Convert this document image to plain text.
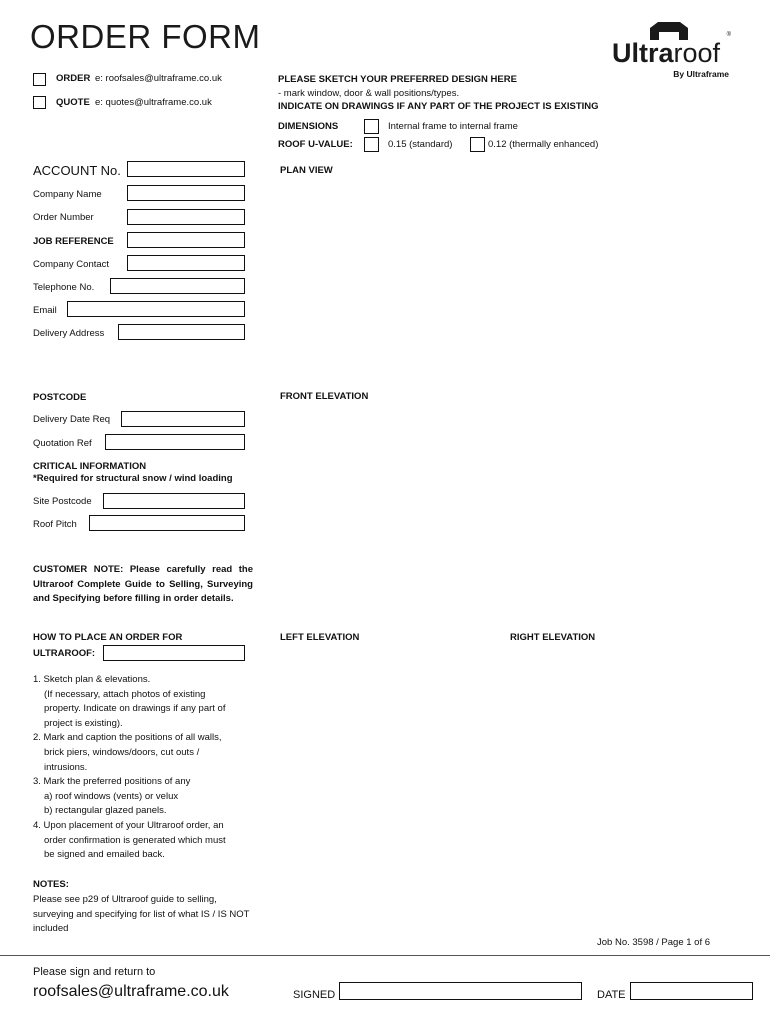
ORDER FORM	®
Ultraroof
By Ultraframe
ORDER e: roofsales@ultraframe.co.uk
QUOTE e: quotes@ultraframe.co.uk
PLEASE SKETCH YOUR PREFERRED DESIGN HERE
- mark window, door & wall positions/types.
INDICATE ON DRAWINGS IF ANY PART OF THE PROJECT IS EXISTING
DIMENSIONS	Internal frame to internal frame
ROOF U-VALUE:	0.15 (standard)	0.12 (thermally enhanced)
PLAN VIEW
FRONT ELEVATION
LEFT ELEVATION	RIGHT ELEVATION
ACCOUNT No.
Company Name
Order Number
JOB REFERENCE
Company Contact
Telephone No.
Email
Delivery Address
POSTCODE
Delivery Date Req
Quotation Ref
CRITICAL INFORMATION
*Required for structural snow / wind loading
Site Postcode
Roof Pitch
CUSTOMER NOTE: Please carefully read the Ultraroof Complete Guide to Selling, Surveying and Specifying before filling in order details.
HOW TO PLACE AN ORDER FOR
ULTRAROOF:
1. Sketch plan & elevations.
(If necessary, attach photos of existing
property. Indicate on drawings if any part of
project is existing).
2. Mark and caption the positions of all walls,
brick piers, windows/doors, cut outs /
intrusions.
3. Mark the preferred positions of any
a) roof windows (vents) or velux
b) rectangular glazed panels.
4. Upon placement of your Ultraroof order, an
order confirmation is generated which must
be signed and emailed back.
NOTES:
Please see p29 of Ultraroof guide to selling, surveying and specifying for list of what IS / IS NOT included
Job No. 3598 / Page 1 of 6
Please sign and return to
roofsales@ultraframe.co.uk	SIGNED	DATE
